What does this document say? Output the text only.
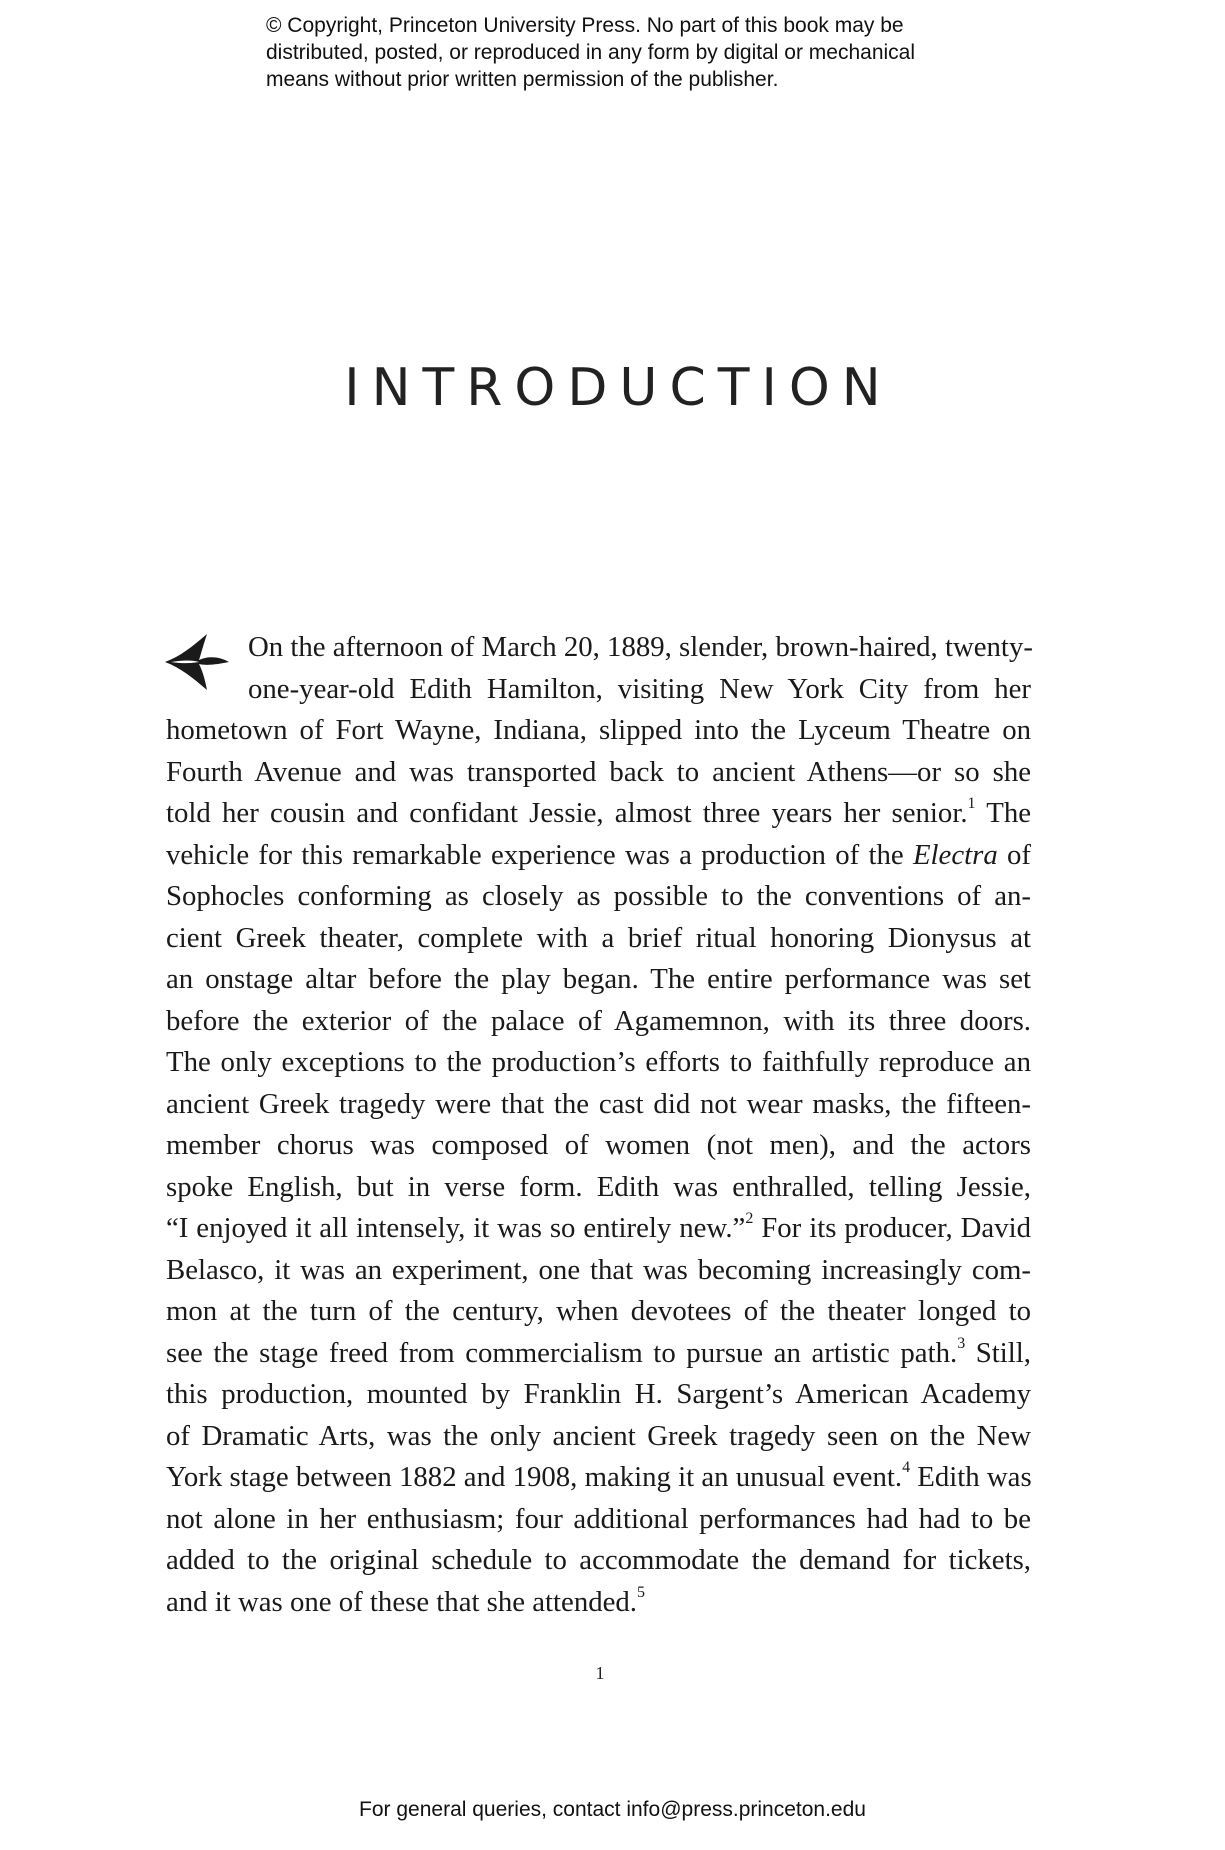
© Copyright, Princeton University Press. No part of this book may be
distributed, posted, or reproduced in any form by digital or mechanical
means without prior written permission of the publisher.
INTRODUCTION
On the afternoon of March 20, 1889, slender, brown-haired, twenty-
one-year-old Edith Hamilton, visiting New York City from her
hometown of Fort Wayne, Indiana, slipped into the Lyceum Theatre on
Fourth Avenue and was transported back to ancient Athens—or so she
told her cousin and confidant Jessie, almost three years her senior.$^1$ The
vehicle for this remarkable experience was a production of the Electra of
Sophocles conforming as closely as possible to the conventions of an-
cient Greek theater, complete with a brief ritual honoring Dionysus at
an onstage altar before the play began. The entire performance was set
before the exterior of the palace of Agamemnon, with its three doors.
The only exceptions to the production’s efforts to faithfully reproduce an
ancient Greek tragedy were that the cast did not wear masks, the fifteen-
member chorus was composed of women (not men), and the actors
spoke English, but in verse form. Edith was enthralled, telling Jessie,
“I enjoyed it all intensely, it was so entirely new.”$^2$ For its producer, David
Belasco, it was an experiment, one that was becoming increasingly com-
mon at the turn of the century, when devotees of the theater longed to
see the stage freed from commercialism to pursue an artistic path.$^3$ Still,
this production, mounted by Franklin H. Sargent’s American Academy
of Dramatic Arts, was the only ancient Greek tragedy seen on the New
York stage between 1882 and 1908, making it an unusual event.$^4$ Edith was
not alone in her enthusiasm; four additional performances had had to be
added to the original schedule to accommodate the demand for tickets,
and it was one of these that she attended.$^5$
1
For general queries, contact info@press.princeton.edu
